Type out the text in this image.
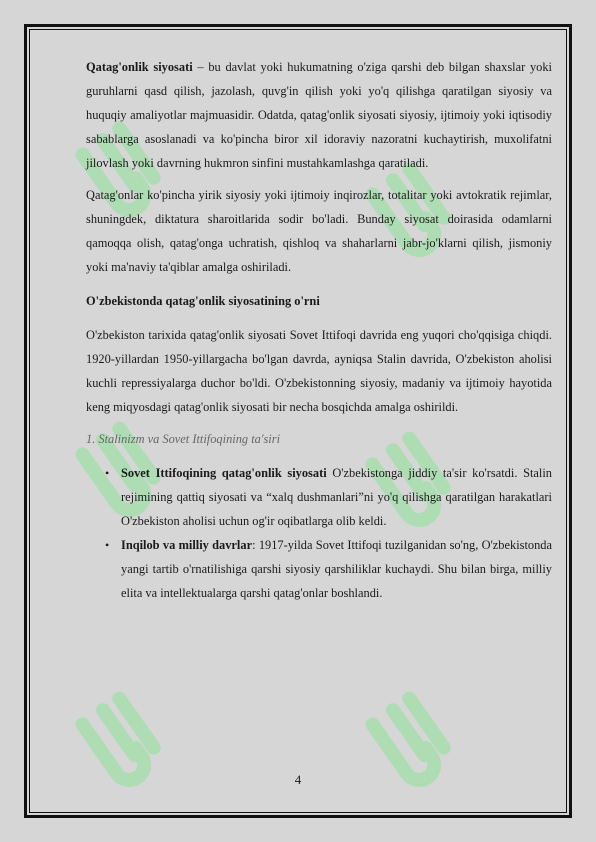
Qatag'onlik siyosati – bu davlat yoki hukumatning o'ziga qarshi deb bilgan shaxslar yoki guruhlarni qasd qilish, jazolash, quvg'in qilish yoki yo'q qilishga qaratilgan siyosiy va huquqiy amaliyotlar majmuasidir. Odatda, qatag'onlik siyosati siyosiy, ijtimoiy yoki iqtisodiy sabablarga asoslanadi va ko'pincha biror xil idoraviy nazoratni kuchaytirish, muxolifatni jilovlash yoki davrning hukmron sinfini mustahkamlashga qaratiladi.

Qatag'onlar ko'pincha yirik siyosiy yoki ijtimoiy inqirozlar, totalitar yoki avtokratik rejimlar, shuningdek, diktatura sharoitlarida sodir bo'ladi. Bunday siyosat doirasida odamlarni qamoqqa olish, qatag'onga uchratish, qishloq va shaharlarni jabr-jo'klarni qilish, jismoniy yoki ma'naviy ta'qiblar amalga oshiriladi.

O'zbekistonda qatag'onlik siyosatining o'rni

O'zbekiston tarixida qatag'onlik siyosati Sovet Ittifoqi davrida eng yuqori cho'qqisiga chiqdi. 1920-yillardan 1950-yillargacha bo'lgan davrda, ayniqsa Stalin davrida, O'zbekiston aholisi kuchli repressiyalarga duchor bo'ldi. O'zbekistonning siyosiy, madaniy va ijtimoiy hayotida keng miqyosdagi qatag'onlik siyosati bir necha bosqichda amalga oshirildi.

1. Stalinizm va Sovet Ittifoqining ta'siri

• Sovet Ittifoqining qatag'onlik siyosati O'zbekistonga jiddiy ta'sir ko'rsatdi. Stalin rejimining qattiq siyosati va “xalq dushmanlari”ni yo'q qilishga qaratilgan harakatlari O'zbekiston aholisi uchun og'ir oqibatlarga olib keldi.
• Inqilob va milliy davrlar: 1917-yilda Sovet Ittifoqi tuzilganidan so'ng, O'zbekistonda yangi tartib o'rnatilishiga qarshi siyosiy qarshiliklar kuchaydi. Shu bilan birga, milliy elita va intellektualarga qarshi qatag'onlar boshlandi.
4
